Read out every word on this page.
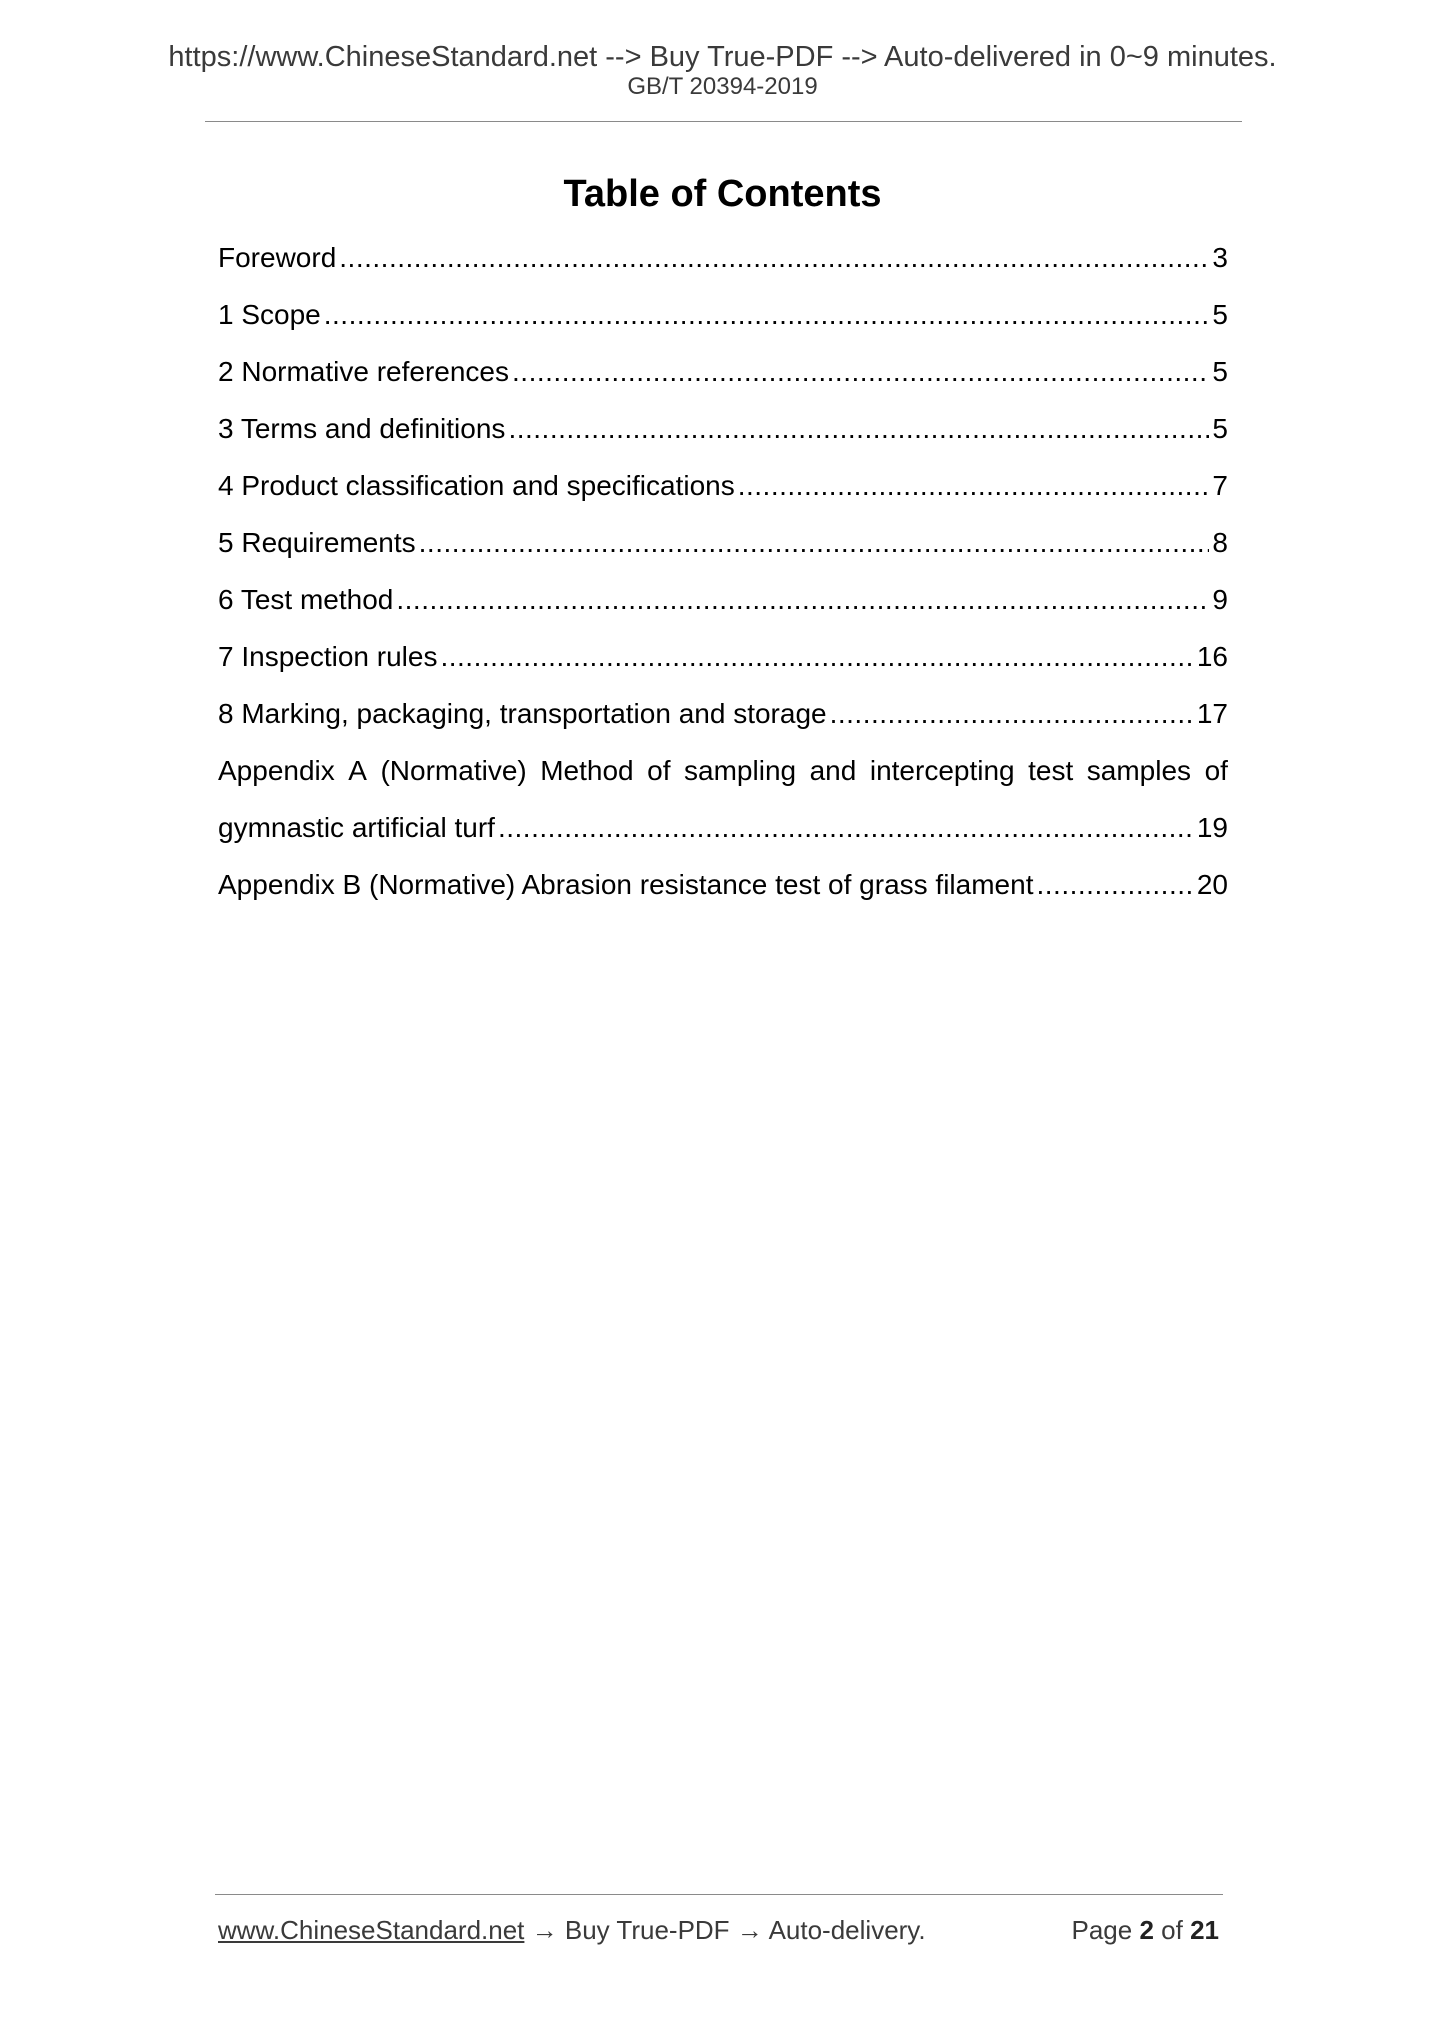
https://www.ChineseStandard.net --> Buy True-PDF --> Auto-delivered in 0~9 minutes.
GB/T 20394-2019
Table of Contents
Foreword .....	3
1 Scope .....	5
2 Normative references .....	5
3 Terms and definitions .....	5
4 Product classification and specifications .....	7
5 Requirements .....	8
6 Test method .....	9
7 Inspection rules .....	16
8 Marking, packaging, transportation and storage .....	17
Appendix A (Normative) Method of sampling and intercepting test samples of
gymnastic artificial turf .....	19
Appendix B (Normative) Abrasion resistance test of grass filament .....	20
www.ChineseStandard.net → Buy True-PDF → Auto-delivery.	Page 2 of 21
